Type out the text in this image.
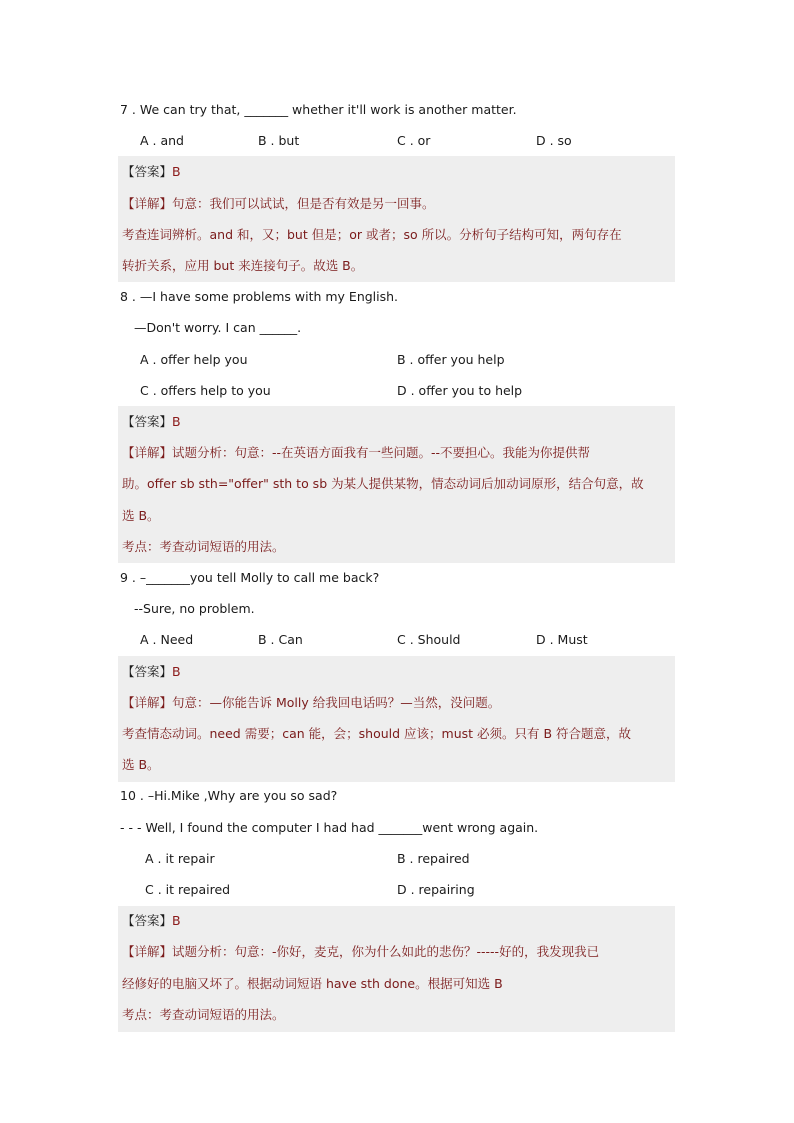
7 . We can try that, _______ whether it'll work is another matter.
A . and	B . but	C . or	D . so
【答案】B
【详解】句意：我们可以试试，但是否有效是另一回事。
考查连词辨析。and 和，又；but 但是；or 或者；so 所以。分析句子结构可知，两句存在
转折关系，应用 but 来连接句子。故选 B。
8 . —I have some problems with my English.
—Don't worry. I can ______.
A . offer help you	B . offer you help
C . offers help to you	D . offer you to help
【答案】B
【详解】试题分析：句意：--在英语方面我有一些问题。--不要担心。我能为你提供帮
助。offer sb sth="offer" sth to sb 为某人提供某物，情态动词后加动词原形，结合句意，故
选 B。
考点：考查动词短语的用法。
9 . –_______you tell Molly to call me back?
--Sure, no problem.
A . Need	B . Can	C . Should	D . Must
【答案】B
【详解】句意：—你能告诉 Molly 给我回电话吗？—当然，没问题。
考查情态动词。need 需要；can 能，会；should 应该；must 必须。只有 B 符合题意，故
选 B。
10 . –Hi.Mike ,Why are you so sad?
- - - Well, I found the computer I had had _______went wrong again.
A . it repair	B . repaired
C . it repaired	D . repairing
【答案】B
【详解】试题分析：句意：-你好，麦克，你为什么如此的悲伤？-----好的，我发现我已
经修好的电脑又坏了。根据动词短语 have sth done。根据可知选 B
考点：考查动词短语的用法。
